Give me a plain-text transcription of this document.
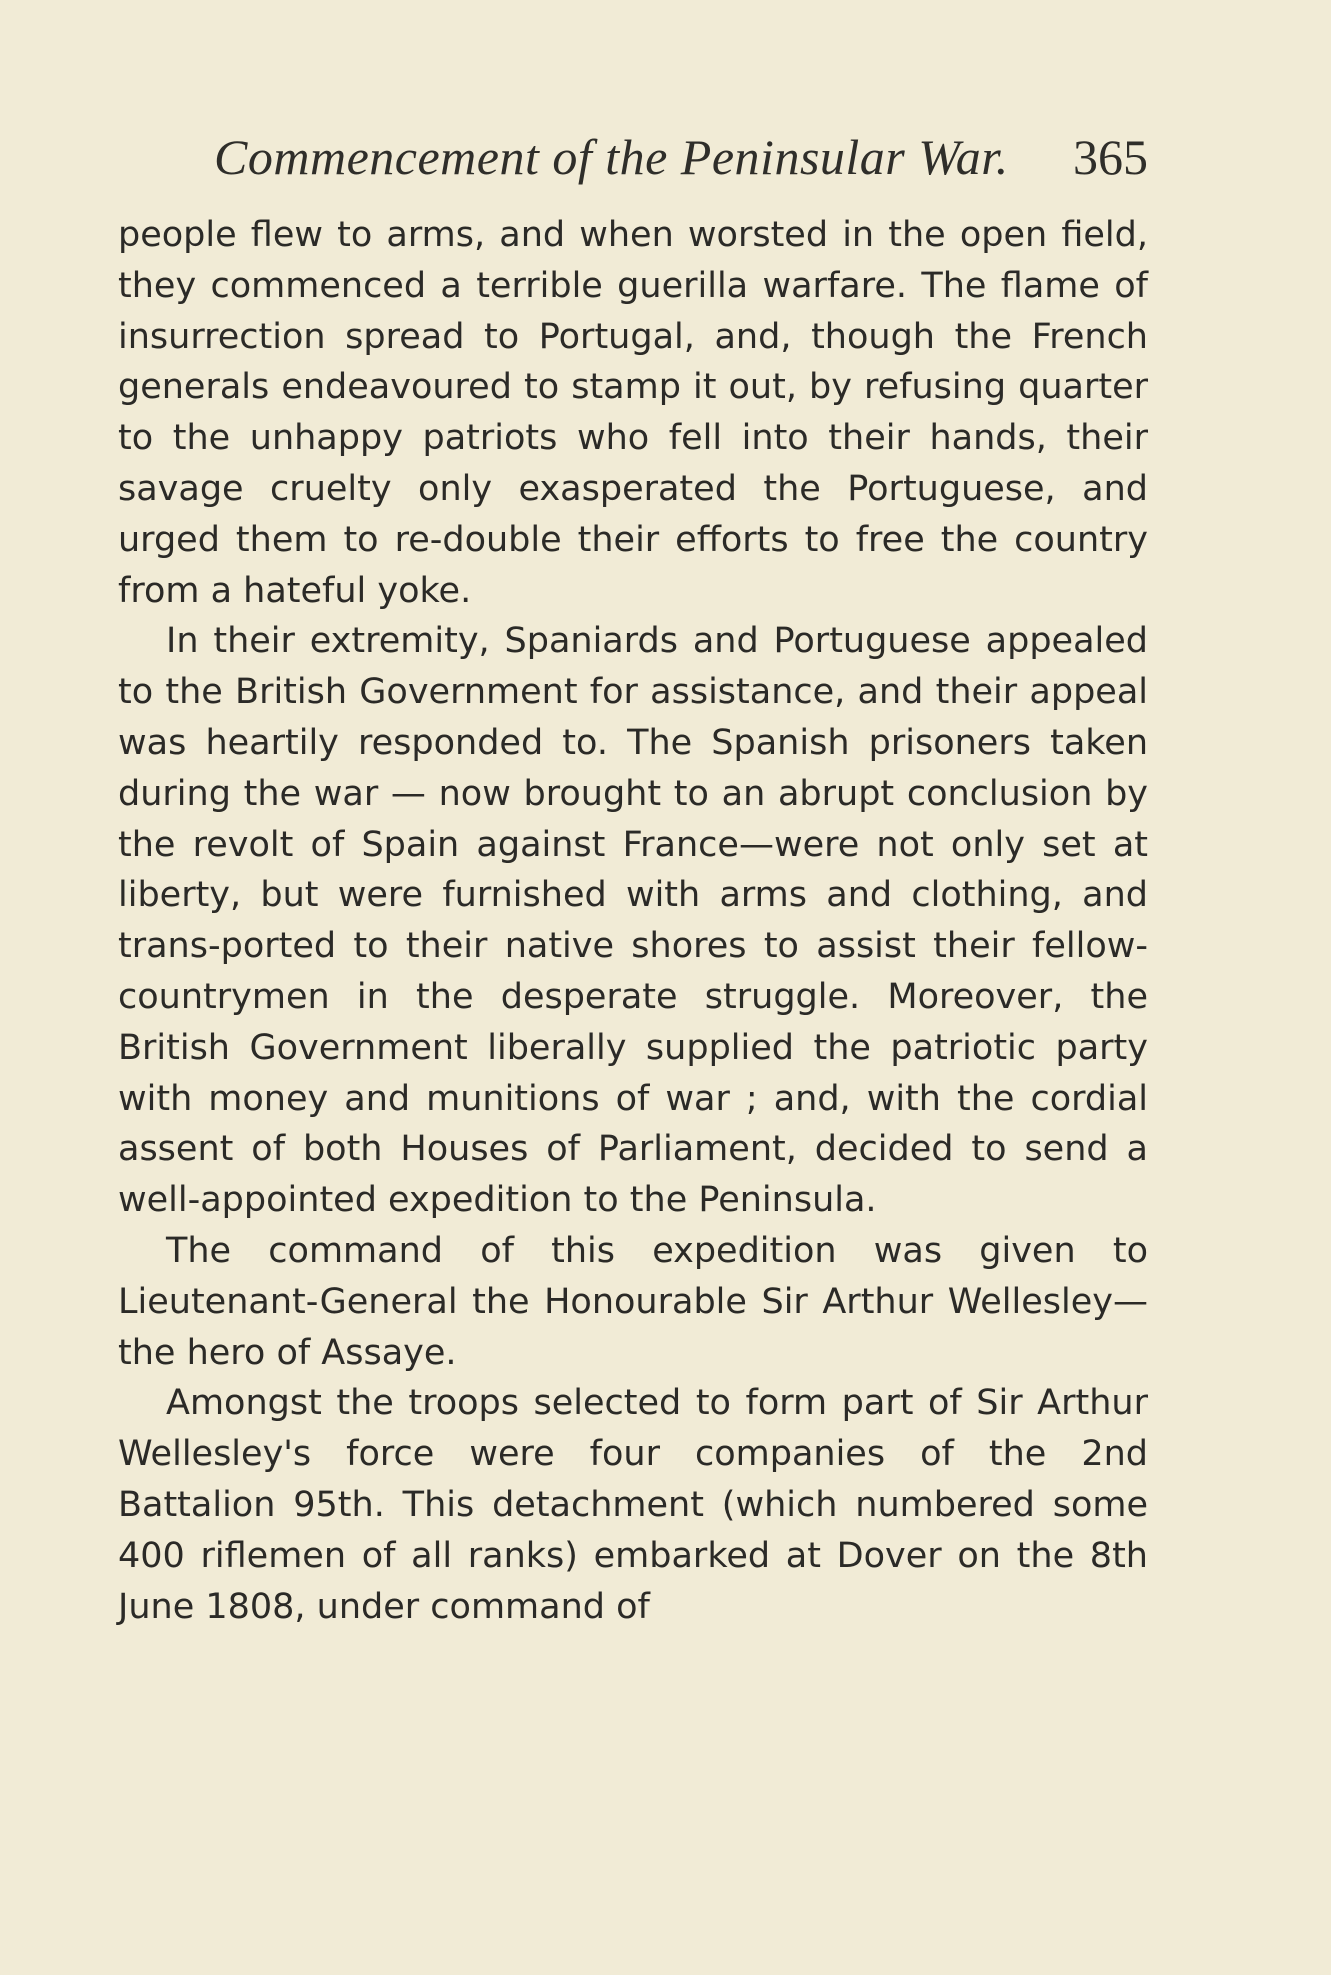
Commencement of the Peninsular War. 365

people flew to arms, and when worsted in the open field, they commenced a terrible guerilla warfare. The flame of insurrection spread to Portugal, and, though the French generals endeavoured to stamp it out, by refusing quarter to the unhappy patriots who fell into their hands, their savage cruelty only exasperated the Portuguese, and urged them to re-double their efforts to free the country from a hateful yoke.

In their extremity, Spaniards and Portuguese appealed to the British Government for assistance, and their appeal was heartily responded to. The Spanish prisoners taken during the war — now brought to an abrupt conclusion by the revolt of Spain against France—were not only set at liberty, but were furnished with arms and clothing, and trans-ported to their native shores to assist their fellow-countrymen in the desperate struggle. Moreover, the British Government liberally supplied the patriotic party with money and munitions of war ; and, with the cordial assent of both Houses of Parliament, decided to send a well-appointed expedition to the Peninsula.

The command of this expedition was given to Lieutenant-General the Honourable Sir Arthur Wellesley— the hero of Assaye.

Amongst the troops selected to form part of Sir Arthur Wellesley's force were four companies of the 2nd Battalion 95th. This detachment (which numbered some 400 riflemen of all ranks) embarked at Dover on the 8th June 1808, under command of
